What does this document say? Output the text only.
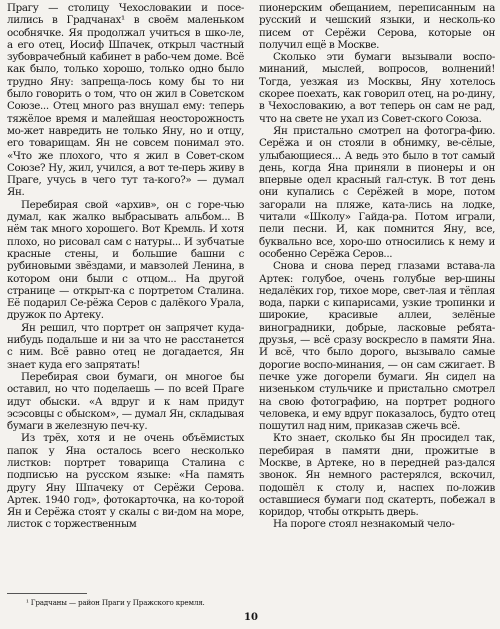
Прагу — столицу Чехословакии и посе-лились в Градчанах¹ в своём маленьком особнячке. Яя продолжал учиться в шко-ле, а его отец, Иосиф Шпачек, открыл частный зубоврачебный кабинет в рабо-чем доме. Всё как было, только хорошо, только одно было трудно Яну: запреща-лось кому бы то ни было говорить о том, что он жил в Советском Союзе... Отец много раз внушал ему: теперь тяжёлое время и малейшая неосторожность мо-жет навредить не только Яну, но и отцу, его товарищам. Ян не совсем понимал это. «Что же плохого, что я жил в Совет-ском Союзе? Ну, жил, учился, а вот те-перь живу в Праге, учусь в чего тут та-кого?» — думал Ян.

Перебирая свой «архив», он с горе-чью думал, как жалко выбрасывать альбом... В нём так много хорошего. Вот Кремль. И хотя плохо, но рисовал сам с натуры... И зубчатые красные стены, и большие башни с рубиновыми звёздами, и мавзолей Ленина, в котором они были с отцом... На другой странице — открыт-ка с портретом Сталина. Её подарил Се-рёжа Серов с далёкого Урала, дружок по Артеку.

Ян решил, что портрет он запрячет куда-нибудь подальше и ни за что не расстанется с ним. Всё равно отец не догадается, Ян знает куда его запрятать!

Перебирая свои бумаги, он многое бы оставил, но что поделаешь — по всей Праге идут обыски. «А вдруг и к нам придут эсэсовцы с обыском», — думал Ян, складывая бумаги в железную печ-ку.

Из трёх, хотя и не очень объёмистых папок у Яна осталось всего несколько листков: портрет товарища Сталина с подписью на русском языке: «На память другу Яну Шпачеку от Серёжи Серова. Артек. 1940 год», фотокарточка, на ко-торой Ян и Серёжа стоят у скалы с ви-дом на море, листок с торжественным

пионерским обещанием, переписанным на русский и чешский языки, и несколь-ко писем от Серёжи Серова, которые он получил ещё в Москве.

Сколько эти бумаги вызывали воспо-минаний, мыслей, вопросов, волнений! Тогда, уезжая из Москвы, Яну хотелось скорее поехать, как говорил отец, на ро-дину, в Чехословакию, а вот теперь он сам не рад, что на свете не ухал из Совет-ского Союза.

Ян пристально смотрел на фотогра-фию. Серёжа и он стояли в обнимку, ве-сёлые, улыбающиеся... А ведь это было в тот самый день, когда Яна приняли в пионеры и он впервые одел красный гал-стук. В тот день они купались с Серёжей в море, потом загорали на пляже, ката-лись на лодке, читали «Школу» Гайда-ра. Потом играли, пели песни. И, как помнится Яну, все, буквально все, хоро-шо относились к нему и особенно Серёжа Серов...

Снова и снова перед глазами встава-ла Артек: голубое, очень голубые вер-шины недалёких гор, тихое море, свет-лая и тёплая вода, парки с кипарисами, узкие тропинки и широкие, красивые аллеи, зелёные виноградники, добрые, ласковые ребята-друзья, — всё сразу воскресло в памяти Яна. И всё, что было дорого, вызывало самые дорогие воспо-минания, — он сам сжигает. В печке уже догорели бумаги. Ян сидел на низеньком стульчике и пристально смотрел на свою фотографию, на портрет родного человека, и ему вдруг показалось, будто отец пошутил над ним, приказав сжечь всё.

Кто знает, сколько бы Ян просидел так, перебирая в памяти дни, прожитые в Москве, в Артеке, но в передней раз-дался звонок. Ян немного растерялся, вскочил, подошёл к столу и, наспех по-ложив оставшиеся бумаги под скатерть, побежал в коридор, чтобы открыть дверь.

На пороге стоял незнакомый чело-

¹ Градчаны — район Праги у Пражского кремля.
10
